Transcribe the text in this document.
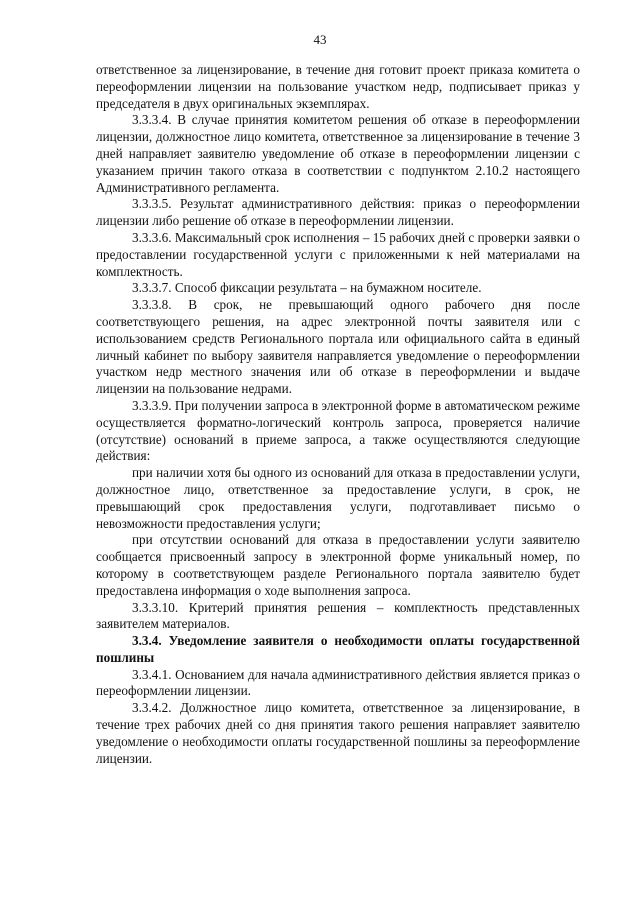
43

ответственное за лицензирование, в течение дня готовит проект приказа комитета о переоформлении лицензии на пользование участком недр, подписывает приказ у председателя в двух оригинальных экземплярах.

3.3.3.4. В случае принятия комитетом решения об отказе в переоформлении лицензии, должностное лицо комитета, ответственное за лицензирование в течение 3 дней направляет заявителю уведомление об отказе в переоформлении лицензии с указанием причин такого отказа в соответствии с подпунктом 2.10.2 настоящего Административного регламента.

3.3.3.5. Результат административного действия: приказ о переоформлении лицензии либо решение об отказе в переоформлении лицензии.

3.3.3.6. Максимальный срок исполнения – 15 рабочих дней с проверки заявки о предоставлении государственной услуги с приложенными к ней материалами на комплектность.

3.3.3.7. Способ фиксации результата – на бумажном носителе.

3.3.3.8. В срок, не превышающий одного рабочего дня после соответствующего решения, на адрес электронной почты заявителя или с использованием средств Регионального портала или официального сайта в единый личный кабинет по выбору заявителя направляется уведомление о переоформлении участком недр местного значения или об отказе в переоформлении и выдаче лицензии на пользование недрами.

3.3.3.9. При получении запроса в электронной форме в автоматическом режиме осуществляется форматно-логический контроль запроса, проверяется наличие (отсутствие) оснований в приеме запроса, а также осуществляются следующие действия:

при наличии хотя бы одного из оснований для отказа в предоставлении услуги, должностное лицо, ответственное за предоставление услуги, в срок, не превышающий срок предоставления услуги, подготавливает письмо о невозможности предоставления услуги;

при отсутствии оснований для отказа в предоставлении услуги заявителю сообщается присвоенный запросу в электронной форме уникальный номер, по которому в соответствующем разделе Регионального портала заявителю будет предоставлена информация о ходе выполнения запроса.

3.3.3.10. Критерий принятия решения – комплектность представленных заявителем материалов.

3.3.4. Уведомление заявителя о необходимости оплаты государственной пошлины

3.3.4.1. Основанием для начала административного действия является приказ о переоформлении лицензии.

3.3.4.2. Должностное лицо комитета, ответственное за лицензирование, в течение трех рабочих дней со дня принятия такого решения направляет заявителю уведомление о необходимости оплаты государственной пошлины за переоформление лицензии.
